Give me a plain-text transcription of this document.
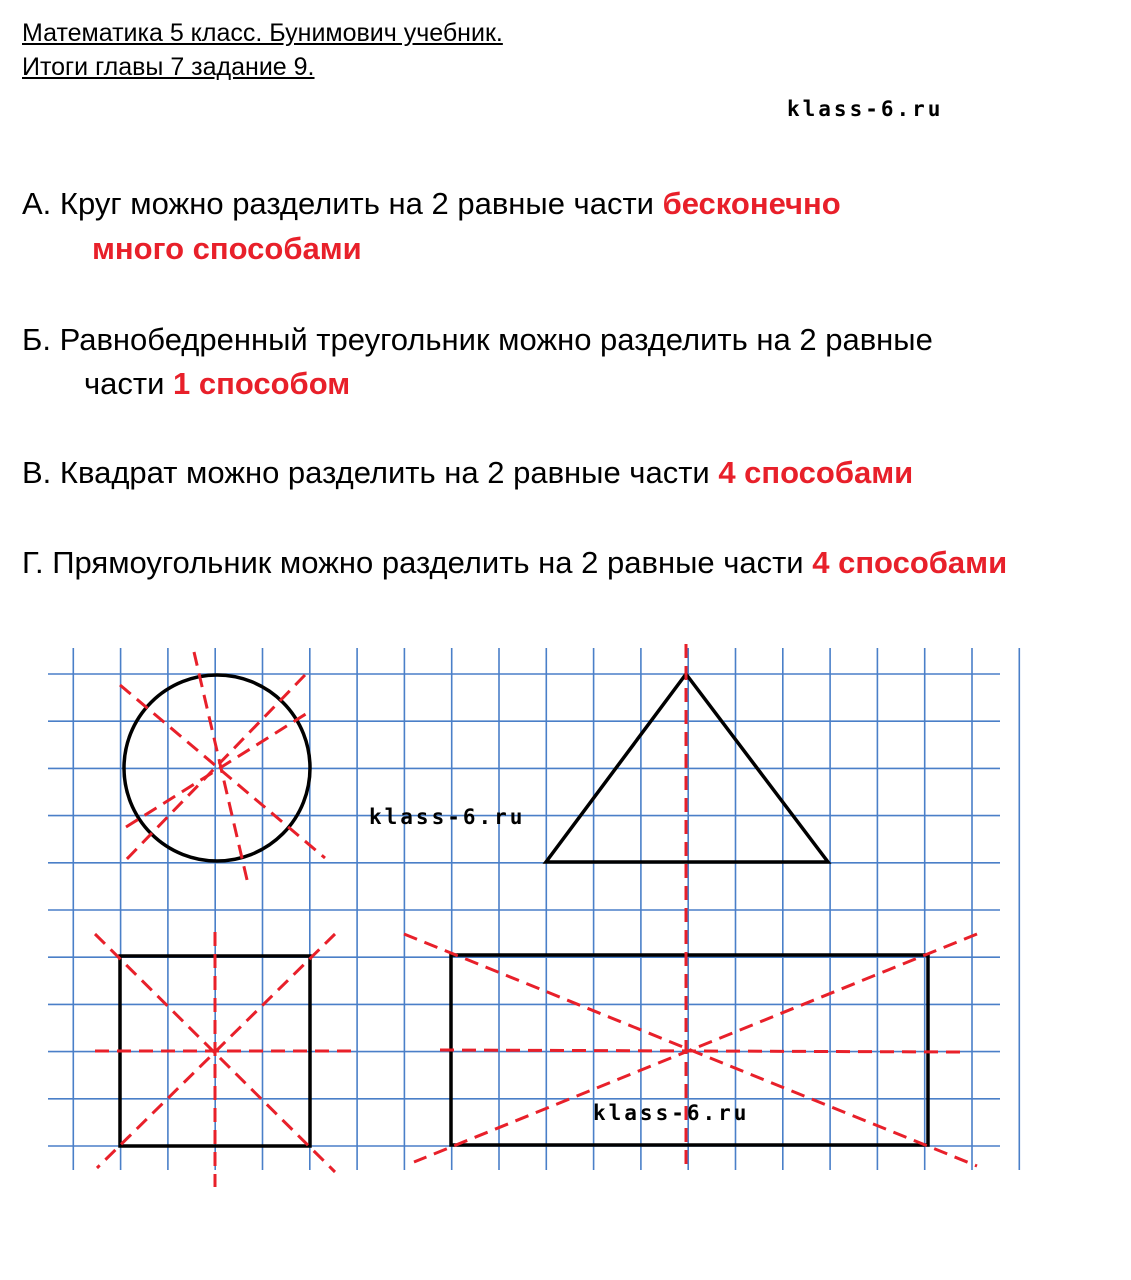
Математика 5 класс. Бунимович учебник.
Итоги главы 7 задание 9.
klass-6.ru
А. Круг можно разделить на 2 равные части бесконечно
много способами
Б. Равнобедренный треугольник можно разделить на 2 равные
части 1 способом
В. Квадрат можно разделить на 2 равные части 4 способами
Г. Прямоугольник можно разделить на 2 равные части 4 способами
klass-6.ru
klass-6.ru
